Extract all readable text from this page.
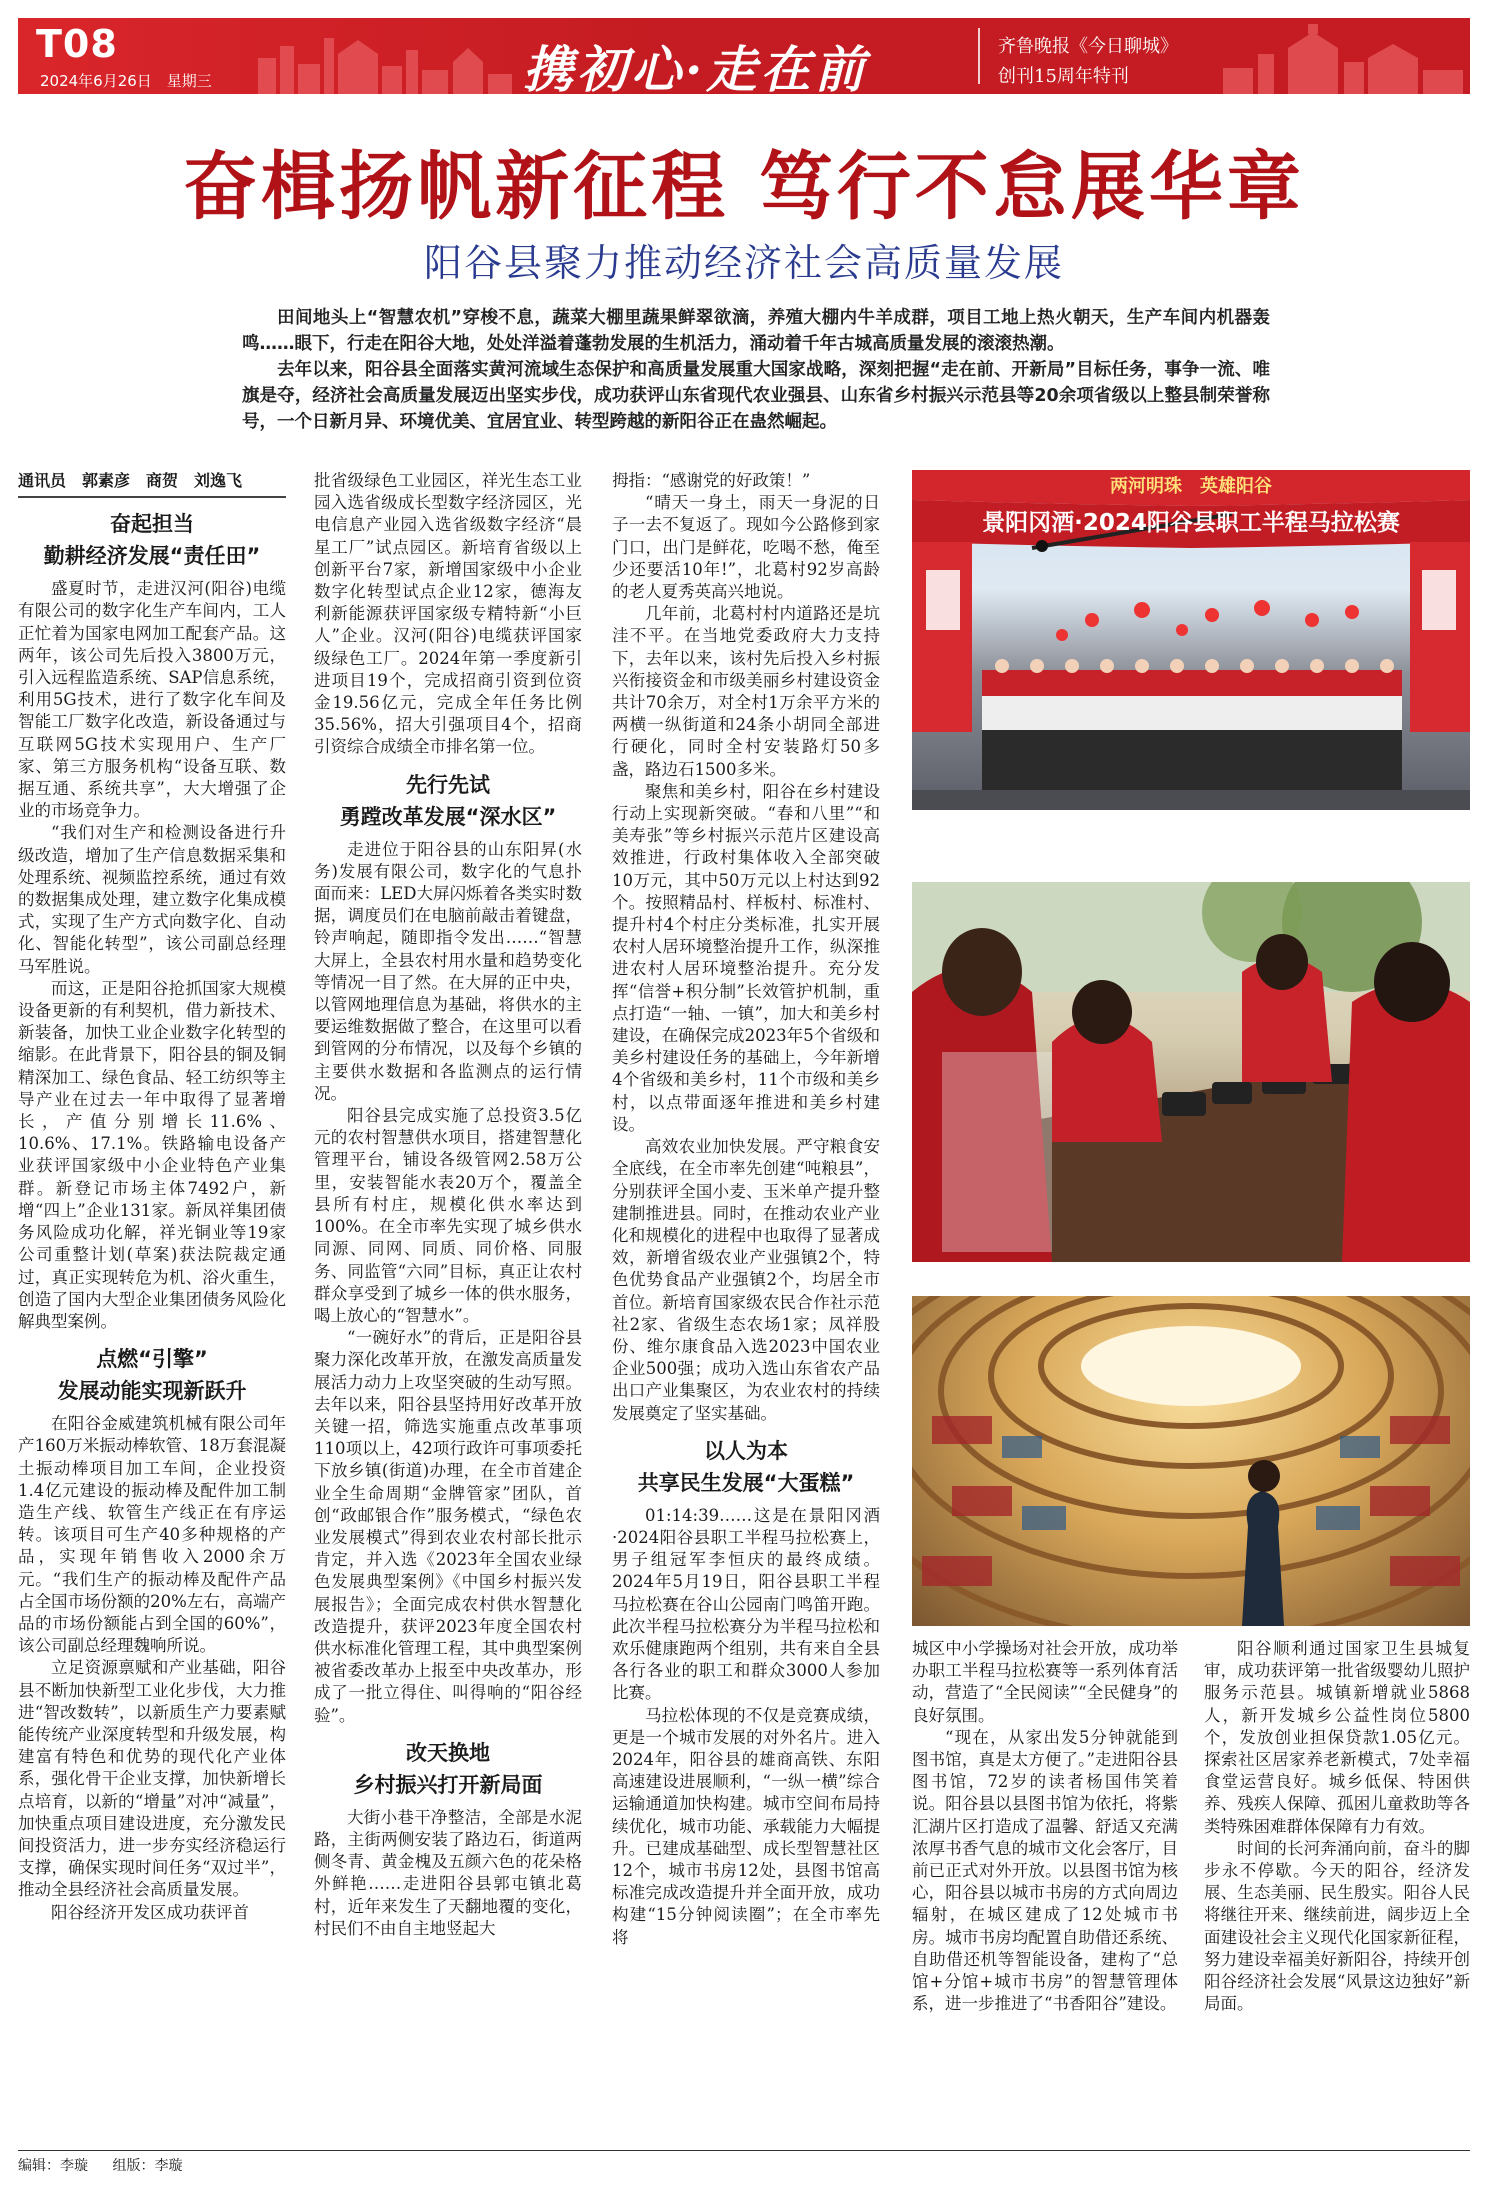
T08
2024年6月26日　星期三	携初心·走在前	齐鲁晚报《今日聊城》
创刊15周年特刊
奋楫扬帆新征程 笃行不怠展华章
阳谷县聚力推动经济社会高质量发展

田间地头上“智慧农机”穿梭不息，蔬菜大棚里蔬果鲜翠欲滴，养殖大棚内牛羊成群，项目工地上热火朝天，生产车间内机器轰鸣……眼下，行走在阳谷大地，处处洋溢着蓬勃发展的生机活力，涌动着千年古城高质量发展的滚滚热潮。

去年以来，阳谷县全面落实黄河流域生态保护和高质量发展重大国家战略，深刻把握“走在前、开新局”目标任务，事争一流、唯旗是夺，经济社会高质量发展迈出坚实步伐，成功获评山东省现代农业强县、山东省乡村振兴示范县等20余项省级以上整县制荣誉称号，一个日新月异、环境优美、宜居宜业、转型跨越的新阳谷正在蛊然崛起。

通讯员　郭素彦　商贺　刘逸飞
奋起担当
勤耕经济发展“责任田”

盛夏时节，走进汉河(阳谷)电缆有限公司的数字化生产车间内，工人正忙着为国家电网加工配套产品。这两年，该公司先后投入3800万元，引入远程监造系统、SAP信息系统，利用5G技术，进行了数字化车间及智能工厂数字化改造，新设备通过与互联网5G技术实现用户、生产厂家、第三方服务机构“设备互联、数据互通、系统共享”，大大增强了企业的市场竞争力。

“我们对生产和检测设备进行升级改造，增加了生产信息数据采集和处理系统、视频监控系统，通过有效的数据集成处理，建立数字化集成模式，实现了生产方式向数字化、自动化、智能化转型”，该公司副总经理马军胜说。

而这，正是阳谷抢抓国家大规模设备更新的有利契机，借力新技术、新装备，加快工业企业数字化转型的缩影。在此背景下，阳谷县的铜及铜精深加工、绿色食品、轻工纺织等主导产业在过去一年中取得了显著增长，产值分别增长11.6%、10.6%、17.1%。铁路输电设备产业获评国家级中小企业特色产业集群。新登记市场主体7492户，新增“四上”企业131家。新凤祥集团债务风险成功化解，祥光铜业等19家公司重整计划(草案)获法院裁定通过，真正实现转危为机、浴火重生，创造了国内大型企业集团债务风险化解典型案例。

点燃“引擎”
发展动能实现新跃升

在阳谷金威建筑机械有限公司年产160万米振动棒软管、18万套混凝土振动棒项目加工车间，企业投资1.4亿元建设的振动棒及配件加工制造生产线、软管生产线正在有序运转。该项目可生产40多种规格的产品，实现年销售收入2000余万元。“我们生产的振动棒及配件产品占全国市场份额的20%左右，高端产品的市场份额能占到全国的60%”，该公司副总经理魏响所说。

立足资源禀赋和产业基础，阳谷县不断加快新型工业化步伐，大力推进“智改数转”，以新质生产力要素赋能传统产业深度转型和升级发展，构建富有特色和优势的现代化产业体系，强化骨干企业支撑，加快新增长点培育，以新的“增量”对冲“减量”，加快重点项目建设进度，充分激发民间投资活力，进一步夯实经济稳运行支撑，确保实现时间任务“双过半”，推动全县经济社会高质量发展。

阳谷经济开发区成功获评首

批省级绿色工业园区，祥光生态工业园入选省级成长型数字经济园区，光电信息产业园入选省级数字经济“晨星工厂”试点园区。新培育省级以上创新平台7家，新增国家级中小企业数字化转型试点企业12家，德海友利新能源获评国家级专精特新“小巨人”企业。汉河(阳谷)电缆获评国家级绿色工厂。2024年第一季度新引进项目19个，完成招商引资到位资金19.56亿元，完成全年任务比例35.56%，招大引强项目4个，招商引资综合成绩全市排名第一位。

先行先试
勇蹚改革发展“深水区”

走进位于阳谷县的山东阳昇(水务)发展有限公司，数字化的气息扑面而来：LED大屏闪烁着各类实时数据，调度员们在电脑前敲击着键盘，铃声响起，随即指令发出……“智慧大屏上，全县农村用水量和趋势变化等情况一目了然。在大屏的正中央，以管网地理信息为基础，将供水的主要运维数据做了整合，在这里可以看到管网的分布情况，以及每个乡镇的主要供水数据和各监测点的运行情况。

阳谷县完成实施了总投资3.5亿元的农村智慧供水项目，搭建智慧化管理平台，铺设各级管网2.58万公里，安装智能水表20万个，覆盖全县所有村庄，规模化供水率达到100%。在全市率先实现了城乡供水同源、同网、同质、同价格、同服务、同监管“六同”目标，真正让农村群众享受到了城乡一体的供水服务，喝上放心的“智慧水”。

“一碗好水”的背后，正是阳谷县聚力深化改革开放，在激发高质量发展活力动力上攻坚突破的生动写照。去年以来，阳谷县坚持用好改革开放关键一招，筛选实施重点改革事项110项以上，42项行政许可事项委托下放乡镇(街道)办理，在全市首建企业全生命周期“金牌管家”团队，首创“政邮银合作”服务模式，“绿色农业发展模式”得到农业农村部长批示肯定，并入选《2023年全国农业绿色发展典型案例》《中国乡村振兴发展报告》；全面完成农村供水智慧化改造提升，获评2023年度全国农村供水标准化管理工程，其中典型案例被省委改革办上报至中央改革办，形成了一批立得住、叫得响的“阳谷经验”。

改天换地
乡村振兴打开新局面

大街小巷干净整洁，全部是水泥路，主街两侧安装了路边石，街道两侧冬青、黄金槐及五颜六色的花朵格外鲜艳……走进阳谷县郭屯镇北葛村，近年来发生了天翻地覆的变化，村民们不由自主地竖起大

拇指：“感谢党的好政策！”

“晴天一身土，雨天一身泥的日子一去不复返了。现如今公路修到家门口，出门是鲜花，吃喝不愁，俺至少还要活10年!”，北葛村92岁高龄的老人夏秀英高兴地说。

几年前，北葛村村内道路还是坑洼不平。在当地党委政府大力支持下，去年以来，该村先后投入乡村振兴衔接资金和市级美丽乡村建设资金共计70余万，对全村1万余平方米的两横一纵街道和24条小胡同全部进行硬化，同时全村安装路灯50多盏，路边石1500多米。

聚焦和美乡村，阳谷在乡村建设行动上实现新突破。“春和八里”“和美寿张”等乡村振兴示范片区建设高效推进，行政村集体收入全部突破10万元，其中50万元以上村达到92个。按照精品村、样板村、标准村、提升村4个村庄分类标准，扎实开展农村人居环境整治提升工作，纵深推进农村人居环境整治提升。充分发挥“信誉+积分制”长效管护机制，重点打造“一轴、一镇”，加大和美乡村建设，在确保完成2023年5个省级和美乡村建设任务的基础上，今年新增4个省级和美乡村，11个市级和美乡村，以点带面逐年推进和美乡村建设。

高效农业加快发展。严守粮食安全底线，在全市率先创建“吨粮县”，分别获评全国小麦、玉米单产提升整建制推进县。同时，在推动农业产业化和规模化的进程中也取得了显著成效，新增省级农业产业强镇2个，特色优势食品产业强镇2个，均居全市首位。新培育国家级农民合作社示范社2家、省级生态农场1家；凤祥股份、维尔康食品入选2023中国农业企业500强；成功入选山东省农产品出口产业集聚区，为农业农村的持续发展奠定了坚实基础。

以人为本
共享民生发展“大蛋糕”

01:14:39……这是在景阳冈酒·2024阳谷县职工半程马拉松赛上，男子组冠军李恒庆的最终成绩。2024年5月19日，阳谷县职工半程马拉松赛在谷山公园南门鸣笛开跑。此次半程马拉松赛分为半程马拉松和欢乐健康跑两个组别，共有来自全县各行各业的职工和群众3000人参加比赛。

马拉松体现的不仅是竞赛成绩，更是一个城市发展的对外名片。进入2024年，阳谷县的雄商高铁、东阳高速建设进展顺利，“一纵一横”综合运输通道加快构建。城市空间布局持续优化，城市功能、承载能力大幅提升。已建成基础型、成长型智慧社区12个，城市书房12处，县图书馆高标准完成改造提升并全面开放，成功构建“15分钟阅读圈”；在全市率先将

两河明珠　英雄阳谷
景阳冈酒·2024阳谷县职工半程马拉松赛

城区中小学操场对社会开放，成功举办职工半程马拉松赛等一系列体育活动，营造了“全民阅读”“全民健身”的良好氛围。

“现在，从家出发5分钟就能到图书馆，真是太方便了。”走进阳谷县图书馆，72岁的读者杨国伟笑着说。阳谷县以县图书馆为依托，将紫汇湖片区打造成了温馨、舒适又充满浓厚书香气息的城市文化会客厅，目前已正式对外开放。以县图书馆为核心，阳谷县以城市书房的方式向周边辐射，在城区建成了12处城市书房。城市书房均配置自助借还系统、自助借还机等智能设备，建构了“总馆+分馆+城市书房”的智慧管理体系，进一步推进了“书香阳谷”建设。

阳谷顺利通过国家卫生县城复审，成功获评第一批省级婴幼儿照护服务示范县。城镇新增就业5868人，新开发城乡公益性岗位5800个，发放创业担保贷款1.05亿元。探索社区居家养老新模式，7处幸福食堂运营良好。城乡低保、特困供养、残疾人保障、孤困儿童救助等各类特殊困难群体保障有力有效。

时间的长河奔涌向前，奋斗的脚步永不停歇。今天的阳谷，经济发展、生态美丽、民生殷实。阳谷人民将继往开来、继续前进，阔步迈上全面建设社会主义现代化国家新征程，努力建设幸福美好新阳谷，持续开创阳谷经济社会发展“风景这边独好”新局面。

编辑：李璇 组版：李璇
